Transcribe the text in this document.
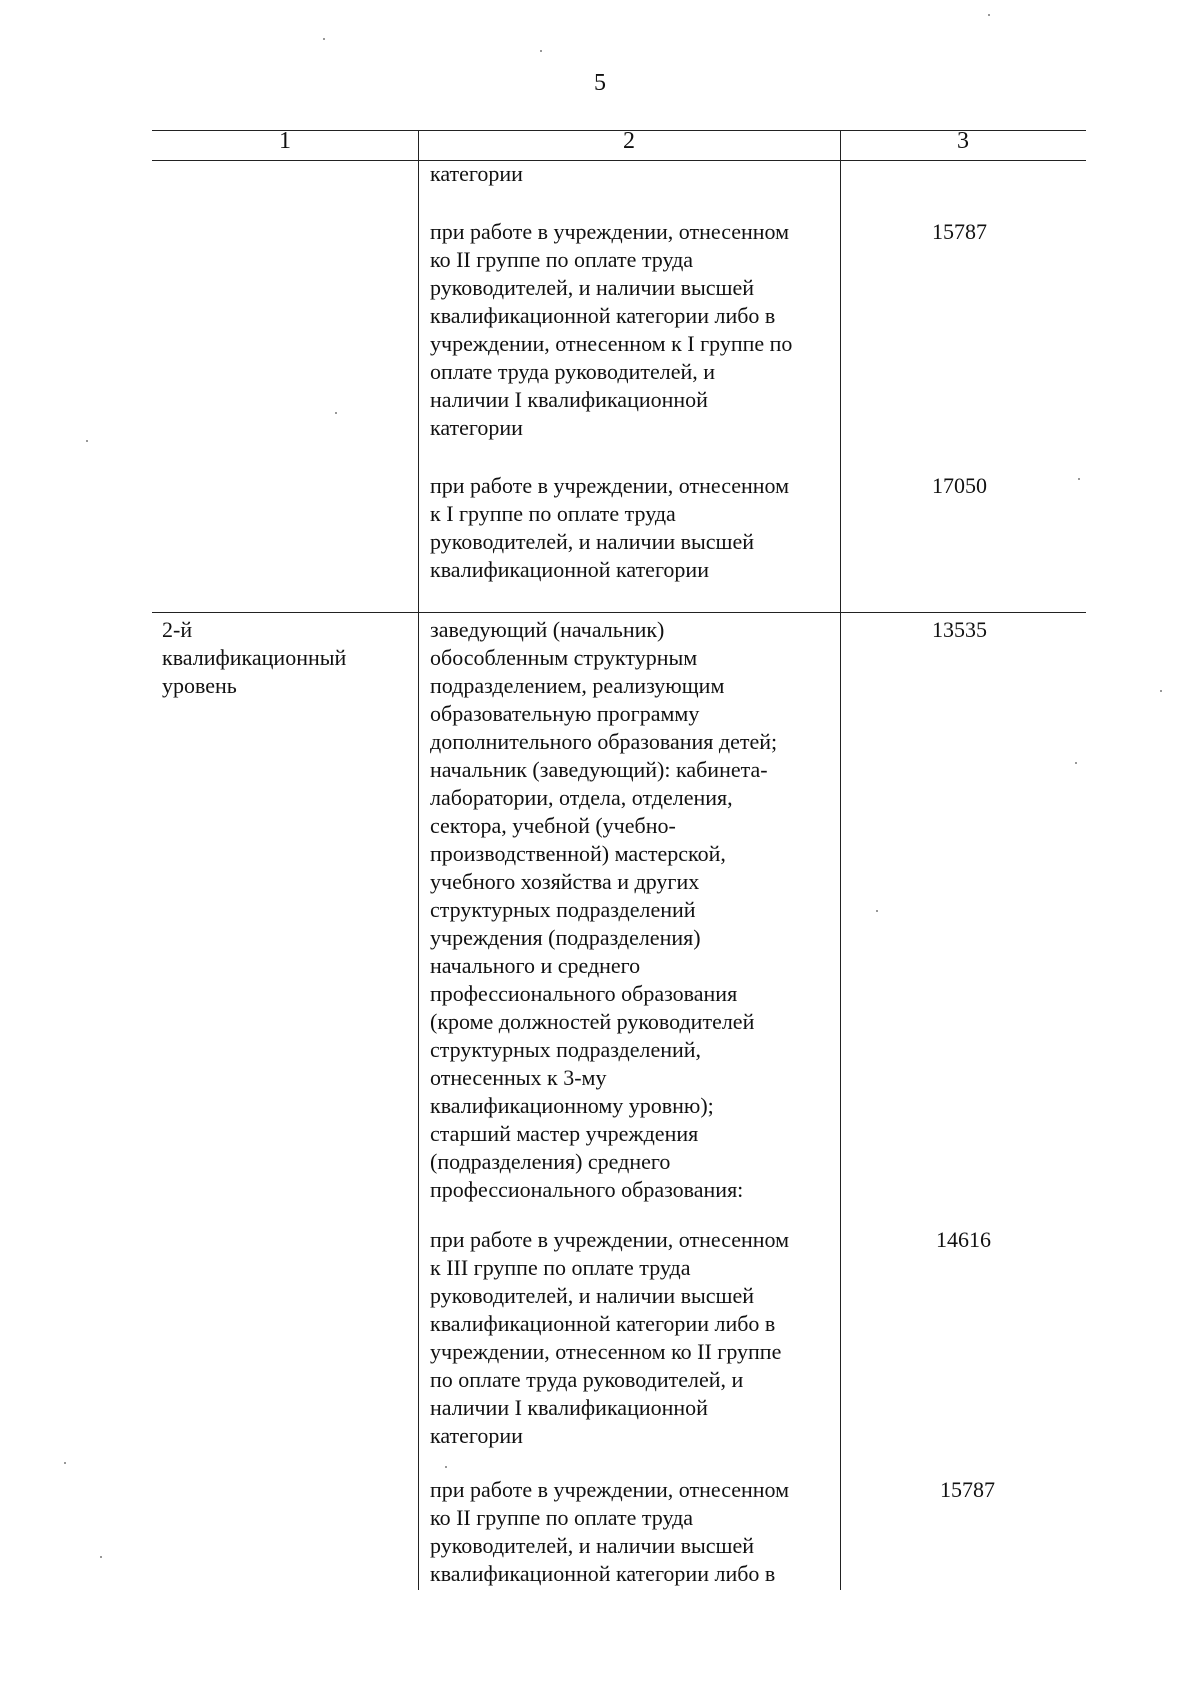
5
1	2	3
категории
при работе в учреждении, отнесенном
ко II группе по оплате труда
руководителей, и наличии высшей
квалификационной категории либо в
учреждении, отнесенном к I группе по
оплате труда руководителей, и
наличии I квалификационной
категории
15787
при работе в учреждении, отнесенном
к I группе по оплате труда
руководителей, и наличии высшей
квалификационной категории
17050
2-й
квалификационный
уровень
заведующий (начальник)
обособленным структурным
подразделением, реализующим
образовательную программу
дополнительного образования детей;
начальник (заведующий): кабинета-
лаборатории, отдела, отделения,
сектора, учебной (учебно-
производственной) мастерской,
учебного хозяйства и других
структурных подразделений
учреждения (подразделения)
начального и среднего
профессионального образования
(кроме должностей руководителей
структурных подразделений,
отнесенных к 3-му
квалификационному уровню);
старший мастер учреждения
(подразделения) среднего
профессионального образования:
13535
при работе в учреждении, отнесенном
к III группе по оплате труда
руководителей, и наличии высшей
квалификационной категории либо в
учреждении, отнесенном ко II группе
по оплате труда руководителей, и
наличии I квалификационной
категории
14616
при работе в учреждении, отнесенном
ко II группе по оплате труда
руководителей, и наличии высшей
квалификационной категории либо в
15787
